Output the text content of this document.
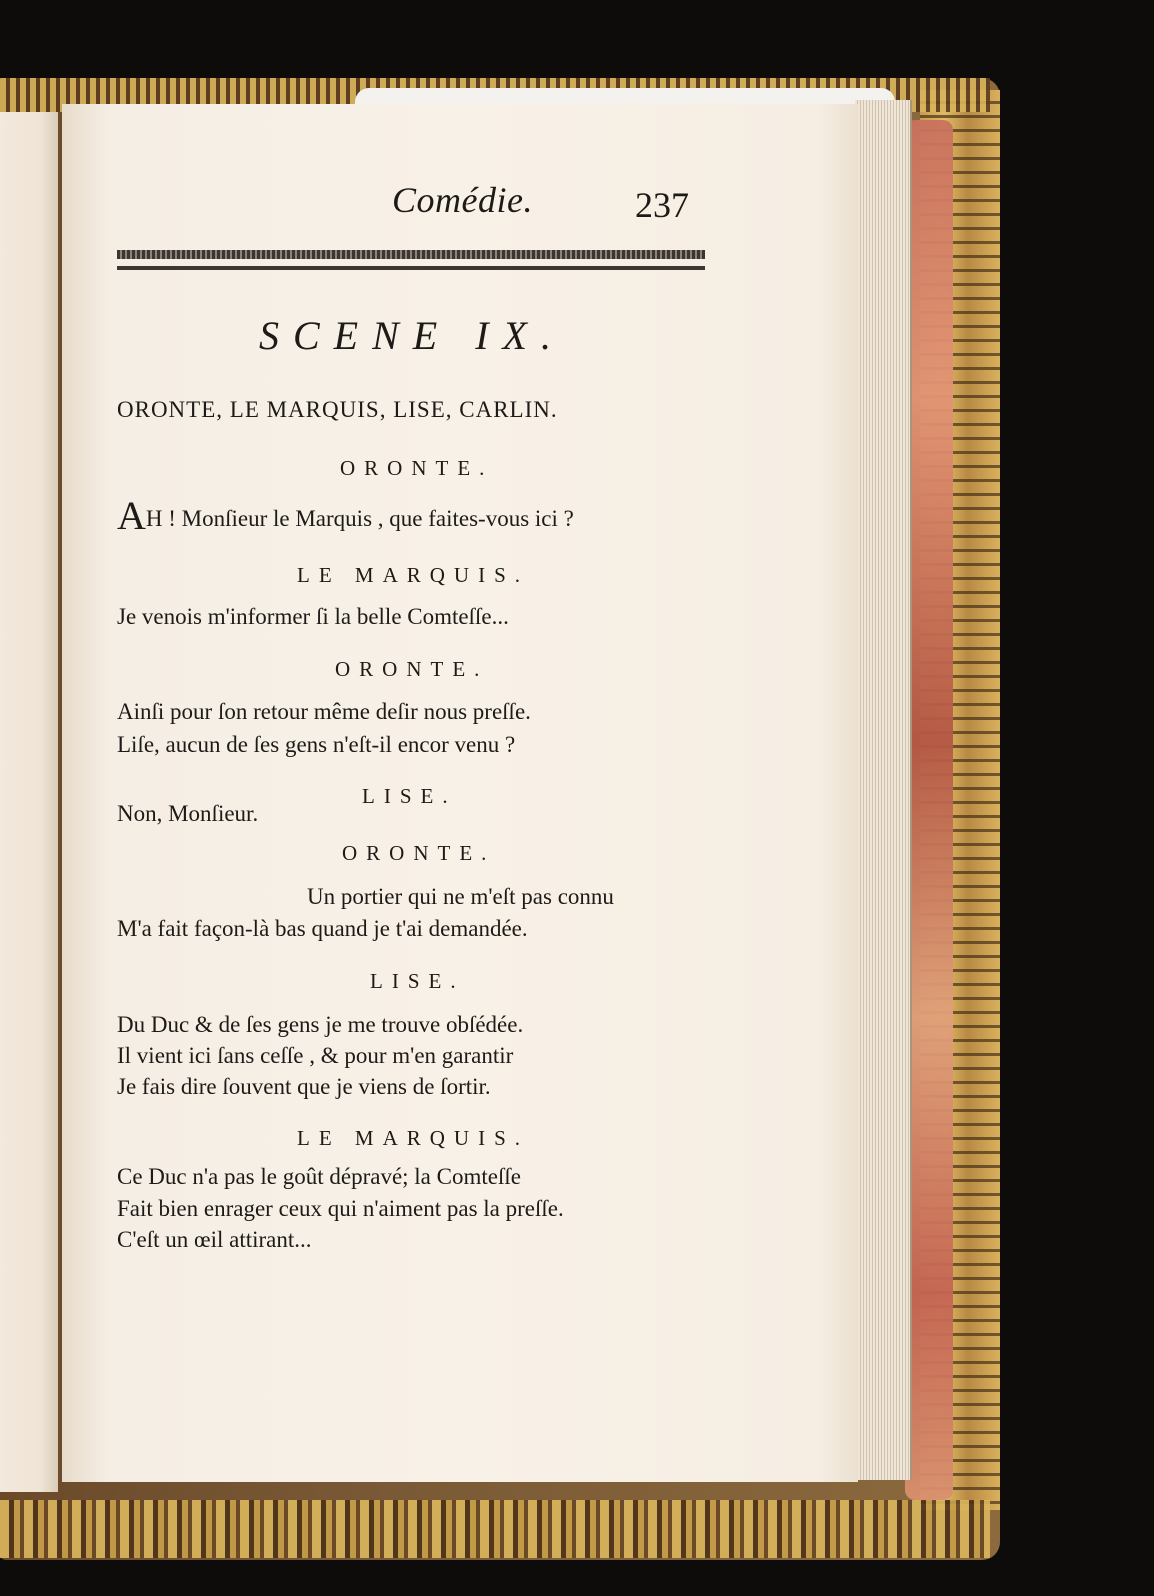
Comédie.	237
SCENE IX.
ORONTE, LE MARQUIS, LISE, CARLIN.
ORONTE.
AH ! Monſieur le Marquis , que faites-vous ici ?
LE MARQUIS.
Je venois m'informer ſi la belle Comteſſe...
ORONTE.
Ainſi pour ſon retour même deſir nous preſſe.
Liſe, aucun de ſes gens n'eſt-il encor venu ?
LISE.
Non, Monſieur.
ORONTE.
Un portier qui ne m'eſt pas connu
M'a fait façon-là bas quand je t'ai demandée.
LISE.
Du Duc & de ſes gens je me trouve obſédée.
Il vient ici ſans ceſſe , & pour m'en garantir
Je fais dire ſouvent que je viens de ſortir.
LE MARQUIS.
Ce Duc n'a pas le goût dépravé; la Comteſſe
Fait bien enrager ceux qui n'aiment pas la preſſe.
C'eſt un œil attirant...
